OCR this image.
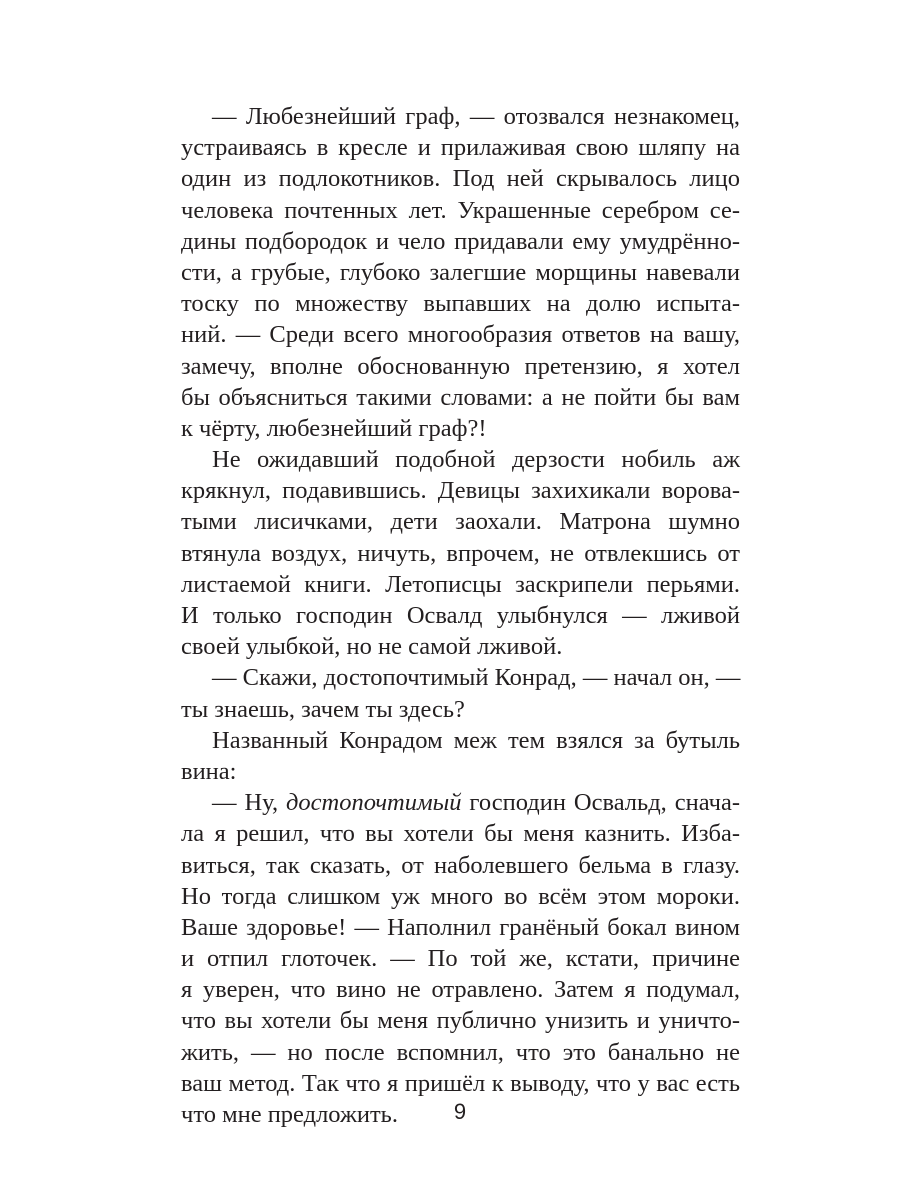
— Любезнейший граф, — отозвался незнакомец,
устраиваясь в кресле и прилаживая свою шляпу на
один из подлокотников. Под ней скрывалось лицо
человека почтенных лет. Украшенные серебром се-
дины подбородок и чело придавали ему умудрённо-
сти, а грубые, глубоко залегшие морщины навевали
тоску по множеству выпавших на долю испыта-
ний. — Среди всего многообразия ответов на вашу,
замечу, вполне обоснованную претензию, я хотел
бы объясниться такими словами: а не пойти бы вам
к чёрту, любезнейший граф?!
Не ожидавший подобной дерзости нобиль аж
крякнул, подавившись. Девицы захихикали ворова-
тыми лисичками, дети заохали. Матрона шумно
втянула воздух, ничуть, впрочем, не отвлекшись от
листаемой книги. Летописцы заскрипели перьями.
И только господин Освалд улыбнулся — лживой
своей улыбкой, но не самой лживой.
— Скажи, достопочтимый Конрад, — начал он, —
ты знаешь, зачем ты здесь?
Названный Конрадом меж тем взялся за бутыль
вина:
— Ну, достопочтимый господин Освальд, снача-
ла я решил, что вы хотели бы меня казнить. Изба-
виться, так сказать, от наболевшего бельма в глазу.
Но тогда слишком уж много во всём этом мороки.
Ваше здоровье! — Наполнил гранёный бокал вином
и отпил глоточек. — По той же, кстати, причине
я уверен, что вино не отравлено. Затем я подумал,
что вы хотели бы меня публично унизить и уничто-
жить, — но после вспомнил, что это банально не
ваш метод. Так что я пришёл к выводу, что у вас есть
что мне предложить.	9
